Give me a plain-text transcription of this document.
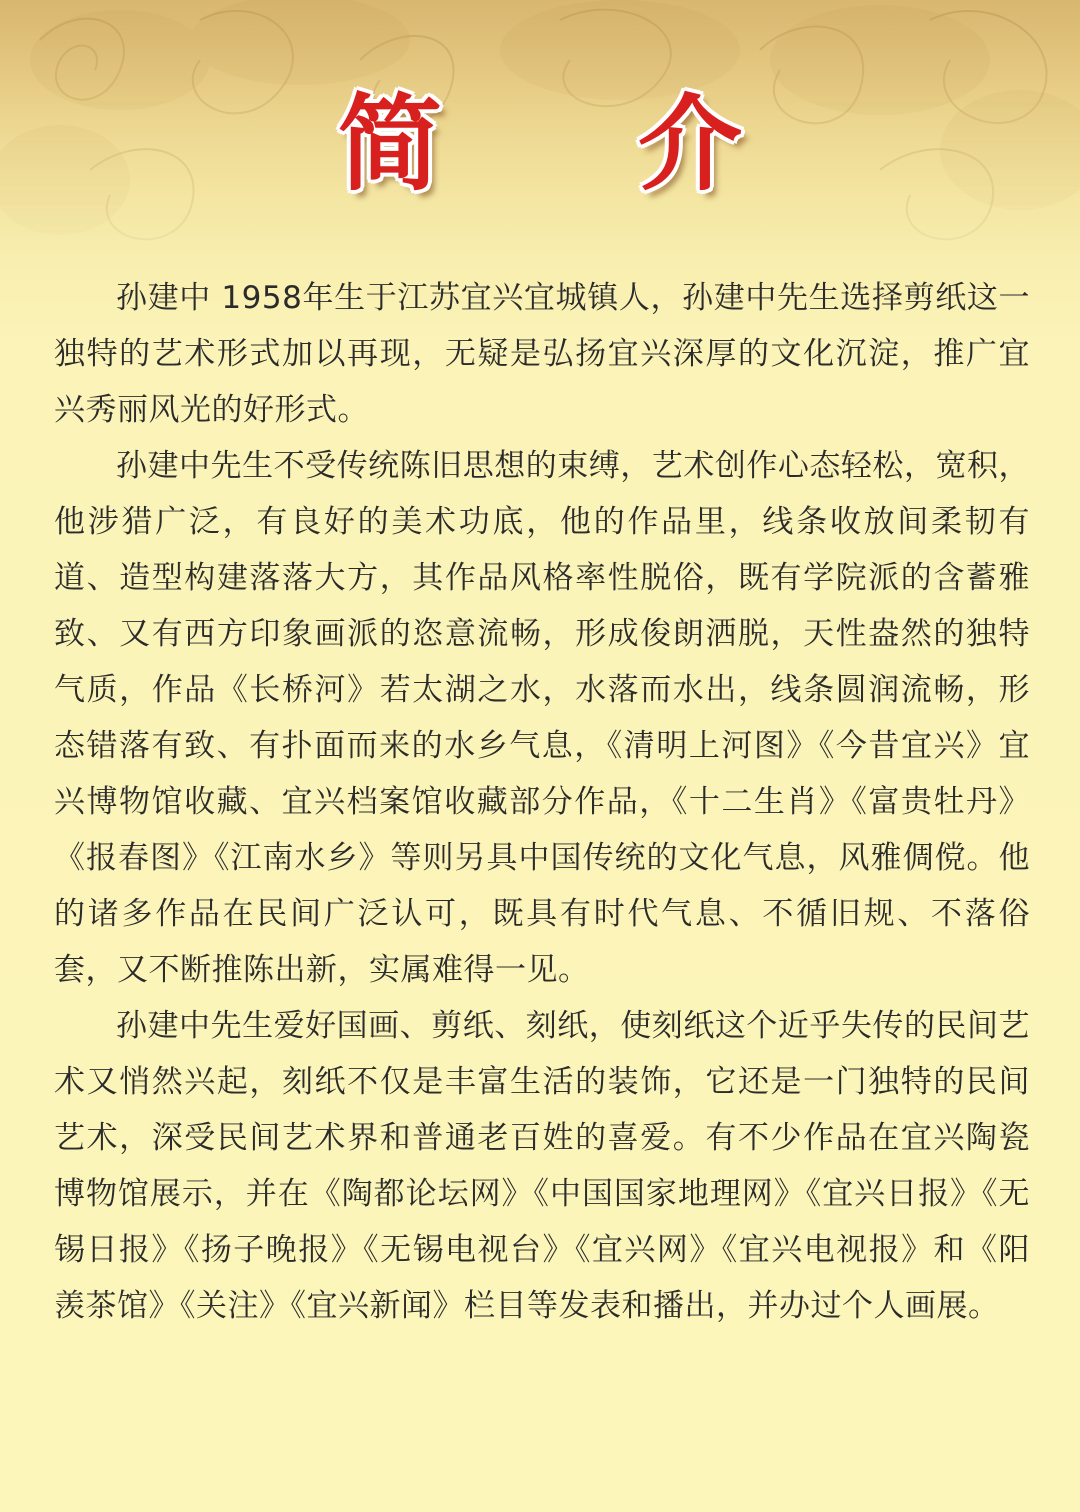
简 介

孙建中 1958年生于江苏宜兴宜城镇人，孙建中先生选择剪纸这一独特的艺术形式加以再现，无疑是弘扬宜兴深厚的文化沉淀，推广宜兴秀丽风光的好形式。

孙建中先生不受传统陈旧思想的束缚，艺术创作心态轻松，宽积，他涉猎广泛，有良好的美术功底，他的作品里，线条收放间柔韧有道、造型构建落落大方，其作品风格率性脱俗，既有学院派的含蓄雅致、又有西方印象画派的恣意流畅，形成俊朗洒脱，天性盎然的独特气质，作品《长桥河》若太湖之水，水落而水出，线条圆润流畅，形态错落有致、有扑面而来的水乡气息，《清明上河图》《今昔宜兴》宜兴博物馆收藏、宜兴档案馆收藏部分作品，《十二生肖》《富贵牡丹》《报春图》《江南水乡》等则另具中国传统的文化气息，风雅倜傥。他的诸多作品在民间广泛认可，既具有时代气息、不循旧规、不落俗套，又不断推陈出新，实属难得一见。

孙建中先生爱好国画、剪纸、刻纸，使刻纸这个近乎失传的民间艺术又悄然兴起，刻纸不仅是丰富生活的装饰，它还是一门独特的民间艺术，深受民间艺术界和普通老百姓的喜爱。有不少作品在宜兴陶瓷博物馆展示，并在《陶都论坛网》《中国国家地理网》《宜兴日报》《无锡日报》《扬子晚报》《无锡电视台》《宜兴网》《宜兴电视报》和《阳羡茶馆》《关注》《宜兴新闻》栏目等发表和播出，并办过个人画展。
